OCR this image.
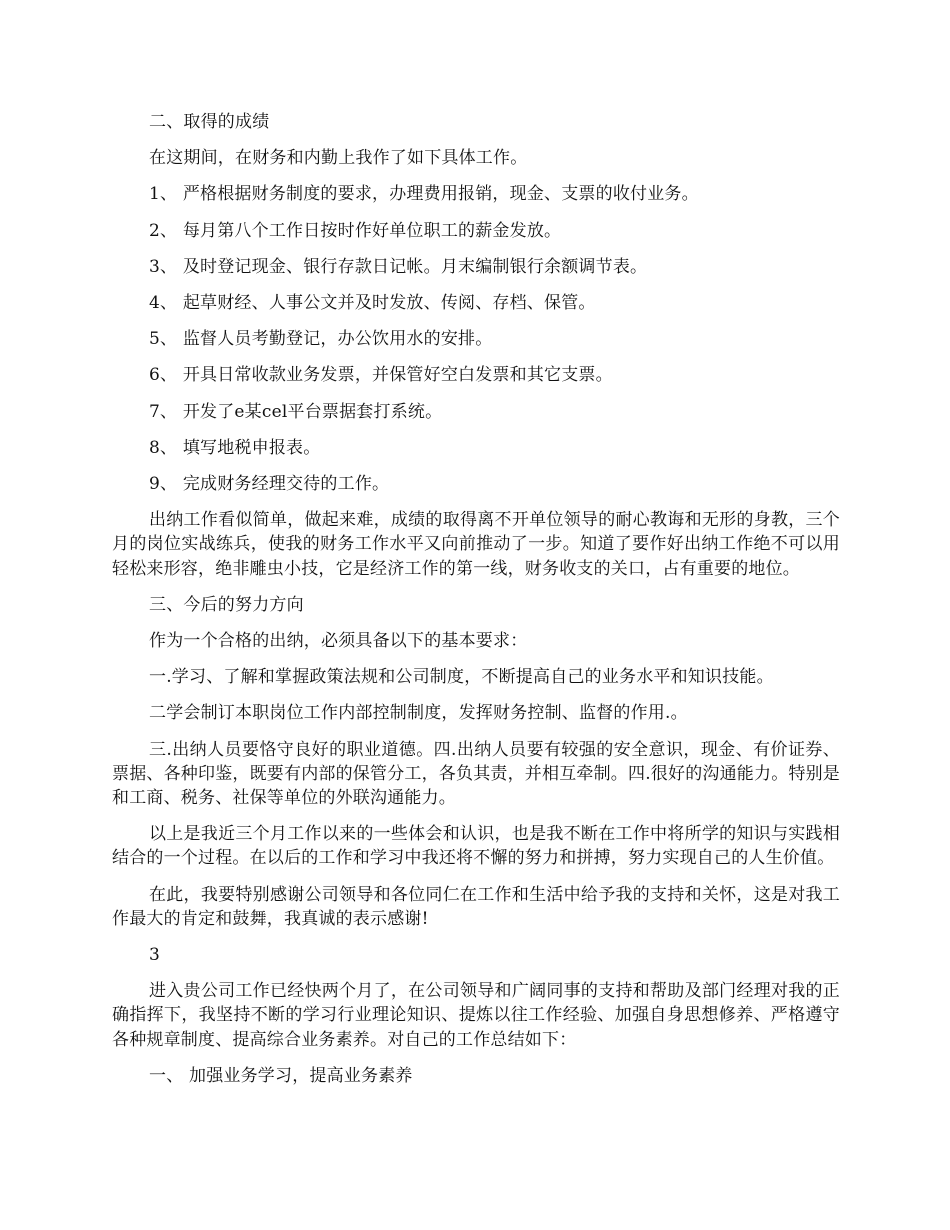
二、取得的成绩

在这期间，在财务和内勤上我作了如下具体工作。

1、 严格根据财务制度的要求，办理费用报销，现金、支票的收付业务。

2、 每月第八个工作日按时作好单位职工的薪金发放。

3、 及时登记现金、银行存款日记帐。月末编制银行余额调节表。

4、 起草财经、人事公文并及时发放、传阅、存档、保管。

5、 监督人员考勤登记，办公饮用水的安排。

6、 开具日常收款业务发票，并保管好空白发票和其它支票。

7、 开发了e某cel平台票据套打系统。

8、 填写地税申报表。

9、 完成财务经理交待的工作。

出纳工作看似简单，做起来难，成绩的取得离不开单位领导的耐心教诲和无形的身教，三个月的岗位实战练兵，使我的财务工作水平又向前推动了一步。知道了要作好出纳工作绝不可以用轻松来形容，绝非雕虫小技，它是经济工作的第一线，财务收支的关口，占有重要的地位。

三、今后的努力方向

作为一个合格的出纳，必须具备以下的基本要求：

一.学习、了解和掌握政策法规和公司制度，不断提高自己的业务水平和知识技能。

二学会制订本职岗位工作内部控制制度，发挥财务控制、监督的作用.。

三.出纳人员要恪守良好的职业道德。四.出纳人员要有较强的安全意识，现金、有价证券、票据、各种印鉴，既要有内部的保管分工，各负其责，并相互牵制。四.很好的沟通能力。特别是和工商、税务、社保等单位的外联沟通能力。

以上是我近三个月工作以来的一些体会和认识，也是我不断在工作中将所学的知识与实践相结合的一个过程。在以后的工作和学习中我还将不懈的努力和拼搏，努力实现自己的人生价值。

在此，我要特别感谢公司领导和各位同仁在工作和生活中给予我的支持和关怀，这是对我工作最大的肯定和鼓舞，我真诚的表示感谢!

3

进入贵公司工作已经快两个月了，在公司领导和广阔同事的支持和帮助及部门经理对我的正确指挥下，我坚持不断的学习行业理论知识、提炼以往工作经验、加强自身思想修养、严格遵守各种规章制度、提高综合业务素养。对自己的工作总结如下：

一、 加强业务学习，提高业务素养
